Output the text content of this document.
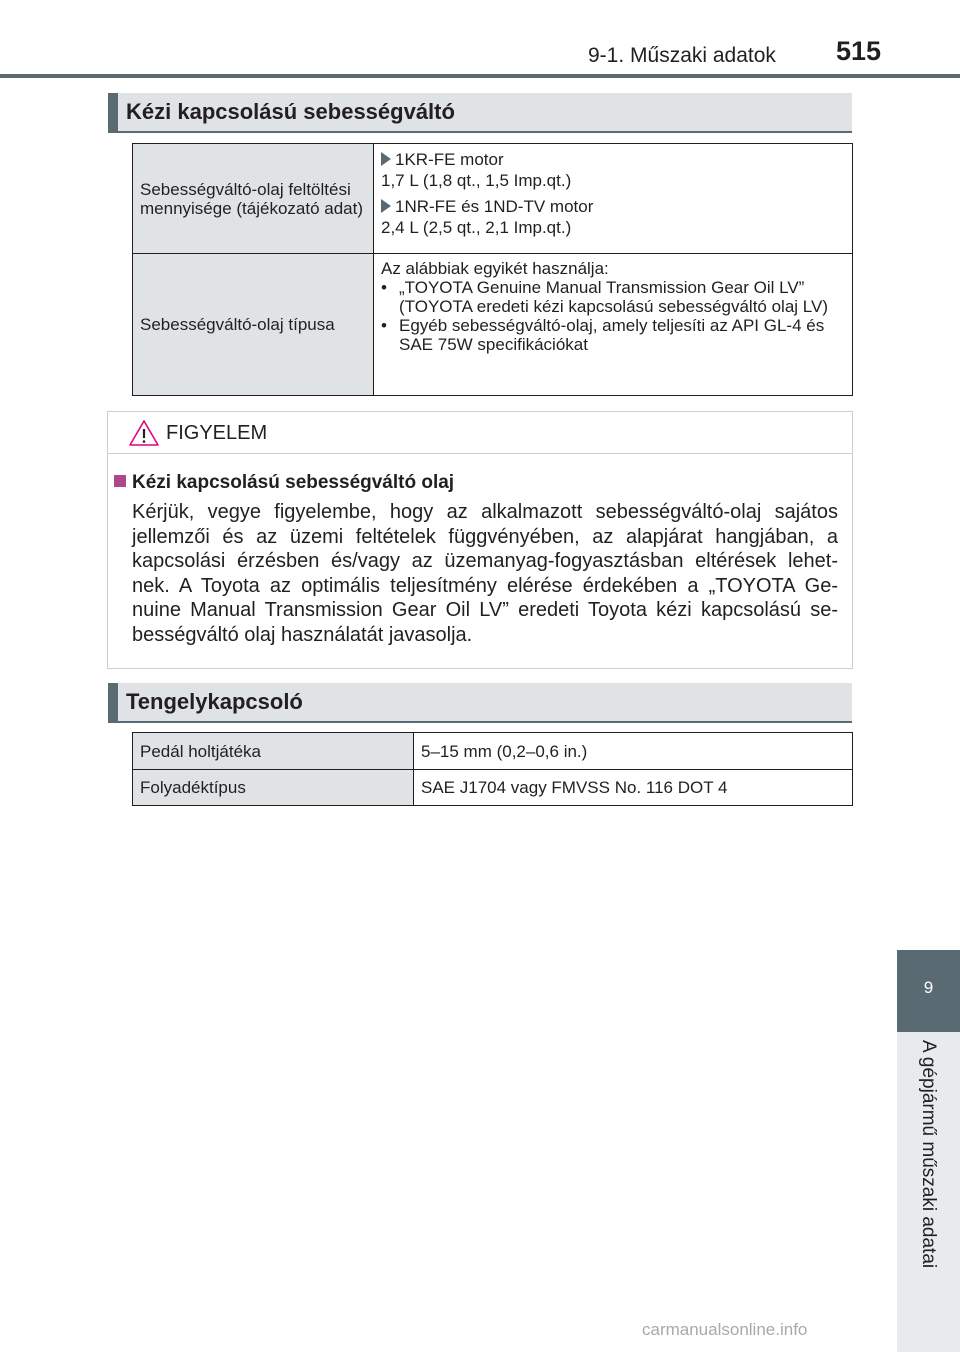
9-1. Műszaki adatok 515
Kézi kapcsolású sebességváltó
Sebességváltó-olaj feltöltési mennyisége (tájékozató adat)	1KR-FE motor
1,7 L (1,8 qt., 1,5 Imp.qt.)
1NR-FE és 1ND-TV motor
2,4 L (2,5 qt., 2,1 Imp.qt.)

Sebességváltó-olaj típusa	Az alábbiak egyikét használja:
• „TOYOTA Genuine Manual Transmission Gear Oil LV” (TOYOTA eredeti kézi kapcsolású sebességváltó olaj LV)
• Egyéb sebességváltó-olaj, amely teljesíti az API GL-4 és SAE 75W specifikációkat
FIGYELEM
Kézi kapcsolású sebességváltó olaj
Kérjük, vegye figyelembe, hogy az alkalmazott sebességváltó-olaj sajátos jellemzői és az üzemi feltételek függvényében, az alapjárat hangjában, a kapcsolási érzésben és/vagy az üzemanyag-fogyasztásban eltérések lehet-nek. A Toyota az optimális teljesítmény elérése érdekében a „TOYOTA Ge-nuine Manual Transmission Gear Oil LV” eredeti Toyota kézi kapcsolású se-bességváltó olaj használatát javasolja.
Tengelykapcsoló
Pedál holtjátéka	5–15 mm (0,2–0,6 in.)
Folyadéktípus	SAE J1704 vagy FMVSS No. 116 DOT 4
9
A gépjármű műszaki adatai
carmanualsonline.info
